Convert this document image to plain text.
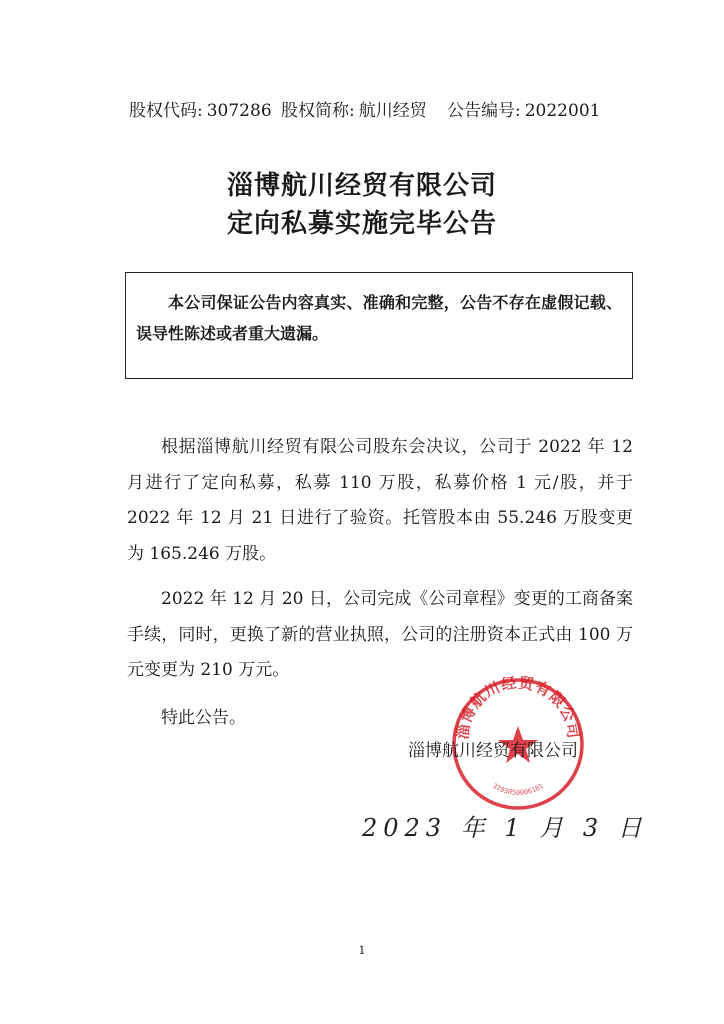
股权代码: 307286 股权简称: 航川经贸 公告编号: 2022001
淄博航川经贸有限公司
定向私募实施完毕公告
本公司保证公告内容真实、准确和完整，公告不存在虚假记载、误导性陈述或者重大遗漏。
根据淄博航川经贸有限公司股东会决议，公司于 2022 年 12 月进行了定向私募，私募 110 万股，私募价格 1 元/股，并于 2022 年 12 月 21 日进行了验资。托管股本由 55.246 万股变更为 165.246 万股。
2022 年 12 月 20 日，公司完成《公司章程》变更的工商备案手续，同时，更换了新的营业执照，公司的注册资本正式由 100 万元变更为 210 万元。
特此公告。
淄博航川经贸有限公司
3703050006181
淄博航川经贸有限公司
2023 年 1 月 3 日
1
